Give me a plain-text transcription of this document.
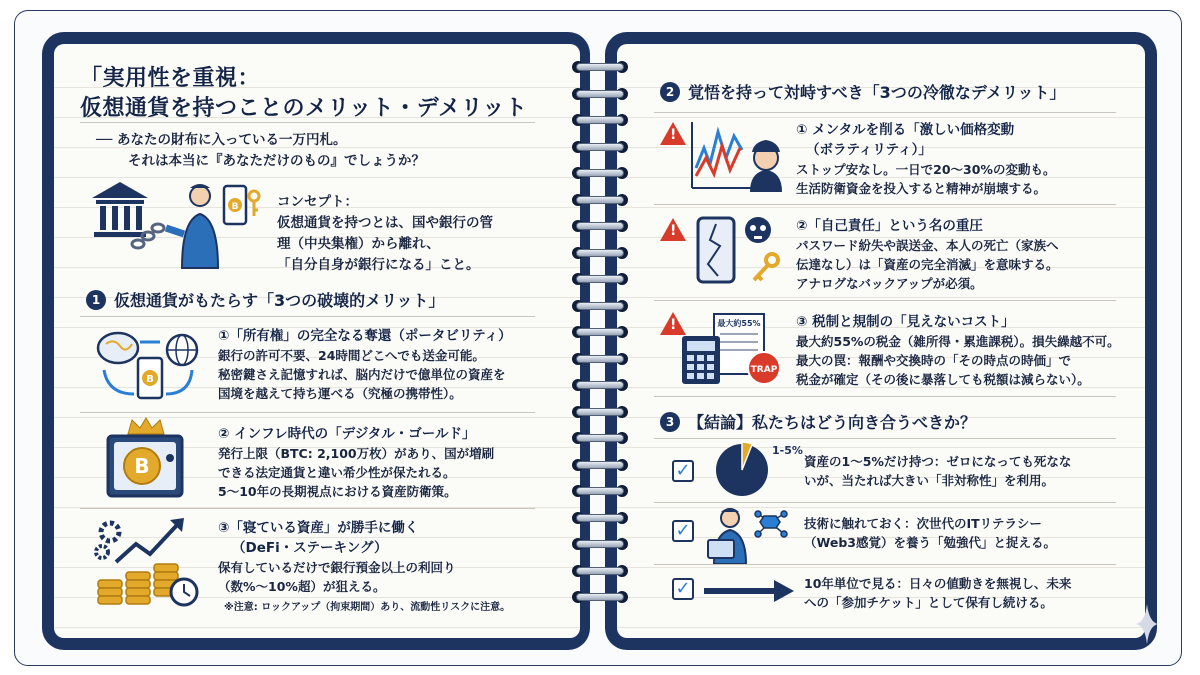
「実用性を重視：
仮想通貨を持つことのメリット・デメリット
── あなたの財布に入っている一万円札。
それは本当に『あなただけのもの』でしょうか？
B	コンセプト：
仮想通貨を持つとは、国や銀行の管
理（中央集権）から離れ、
「自分自身が銀行になる」こと。
1 仮想通貨がもたらす「3つの破壊的メリット」
B
①「所有権」の完全なる奪還（ポータビリティ）
銀行の許可不要、24時間どこへでも送金可能。
秘密鍵さえ記憶すれば、脳内だけで億単位の資産を
国境を越えて持ち運べる（究極の携帯性）。
B
② インフレ時代の「デジタル・ゴールド」
発行上限（BTC: 2,100万枚）があり、国が増刷
できる法定通貨と違い希少性が保たれる。
5〜10年の長期視点における資産防衛策。
③「寝ている資産」が勝手に働く
（DeFi・ステーキング）
保有しているだけで銀行預金以上の利回り
（数%〜10%超）が狙える。
※注意: ロックアップ（拘束期間）あり、流動性リスクに注意。
2 覚悟を持って対峙すべき「3つの冷徹なデメリット」
!	① メンタルを削る「激しい価格変動
（ボラティリティ）」
ストップ安なし。一日で20〜30%の変動も。
生活防衛資金を投入すると精神が崩壊する。
!	②「自己責任」という名の重圧
パスワード紛失や誤送金、本人の死亡（家族へ
伝達なし）は「資産の完全消滅」を意味する。
アナログなバックアップが必須。
!	最大約55%
TRAP
③ 税制と規制の「見えないコスト」
最大約55%の税金（雑所得・累進課税）。損失繰越不可。
最大の罠：報酬や交換時の「その時点の時価」で
税金が確定（その後に暴落しても税額は減らない）。
3 【結論】私たちはどう向き合うべきか？
✓
1-5%
資産の1〜5%だけ持つ：ゼロになっても死なな
いが、当たれば大きい「非対称性」を利用。
✓	技術に触れておく：次世代のITリテラシー
（Web3感覚）を養う「勉強代」と捉える。
✓	10年単位で見る：日々の値動きを無視し、未来
への「参加チケット」として保有し続ける。
